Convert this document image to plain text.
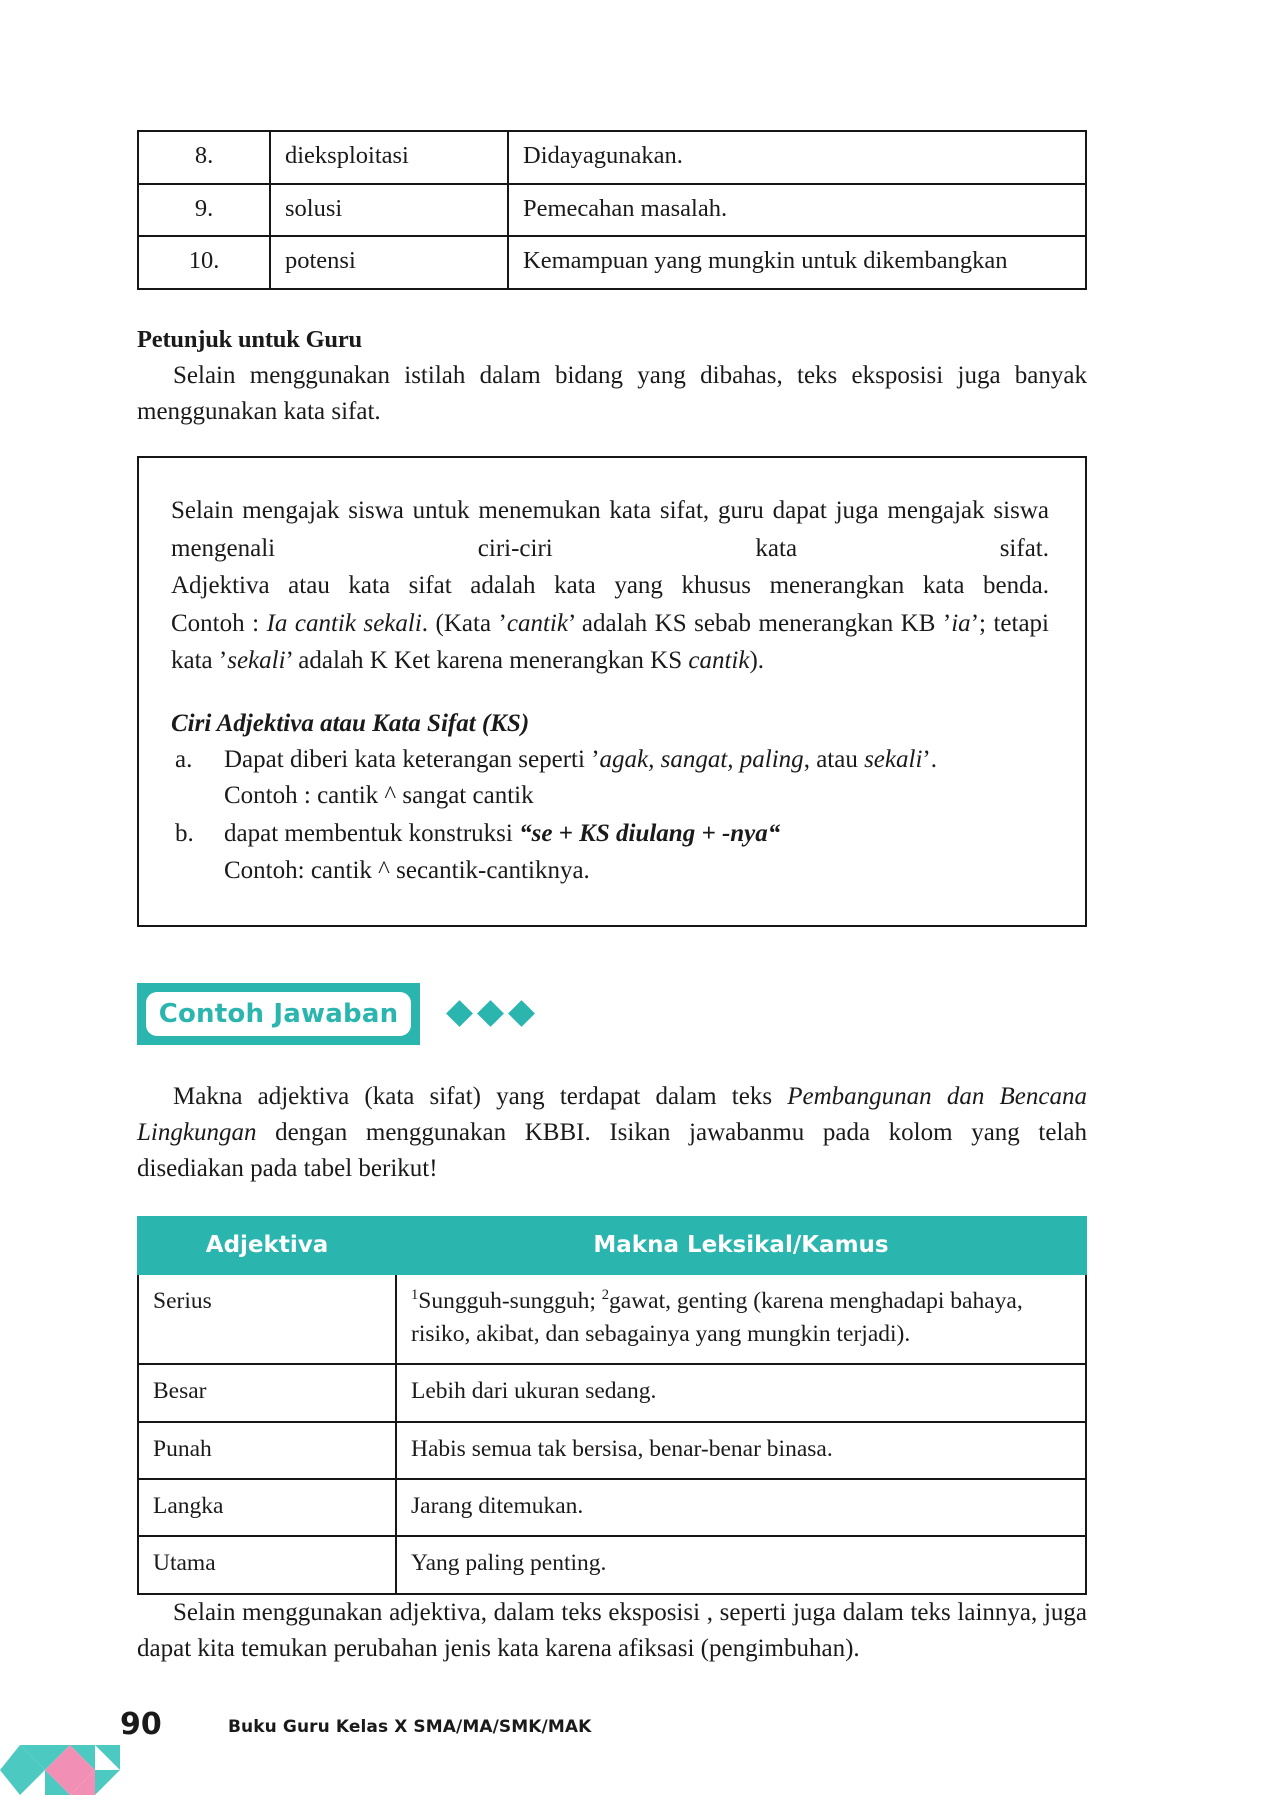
8.	dieksploitasi	Didayagunakan.
9.	solusi	Pemecahan masalah.
10.	potensi	Kemampuan yang mungkin untuk dikembangkan
Petunjuk untuk Guru

Selain menggunakan istilah dalam bidang yang dibahas, teks eksposisi juga banyak menggunakan kata sifat.

Selain mengajak siswa untuk menemukan kata sifat, guru dapat juga mengajak siswa mengenali ciri-ciri kata sifat.

Adjektiva atau kata sifat adalah kata yang khusus menerangkan kata benda.

Contoh : Ia cantik sekali. (Kata ’cantik’ adalah KS sebab menerangkan KB ’ia’; tetapi kata ’sekali’ adalah K Ket karena menerangkan KS cantik).

Ciri Adjektiva atau Kata Sifat (KS)
a. Dapat diberi kata keterangan seperti ’agak, sangat, paling, atau sekali’.
Contoh : cantik ^ sangat cantik
b. dapat membentuk konstruksi “se + KS diulang + -nya“
Contoh: cantik ^ secantik-cantiknya.
Contoh Jawaban

Makna adjektiva (kata sifat) yang terdapat dalam teks Pembangunan dan Bencana Lingkungan dengan menggunakan KBBI. Isikan jawabanmu pada kolom yang telah disediakan pada tabel berikut!

Adjektiva	Makna Leksikal/Kamus
Serius	$^1$Sungguh-sungguh; $^2$gawat, genting (karena menghadapi bahaya, risiko, akibat, dan sebagainya yang mungkin terjadi).
Besar	Lebih dari ukuran sedang.
Punah	Habis semua tak bersisa, benar-benar binasa.
Langka	Jarang ditemukan.
Utama	Yang paling penting.

Selain menggunakan adjektiva, dalam teks eksposisi , seperti juga dalam teks lainnya, juga dapat kita temukan perubahan jenis kata karena afiksasi (pengimbuhan).

90	Buku Guru Kelas X SMA/MA/SMK/MAK
